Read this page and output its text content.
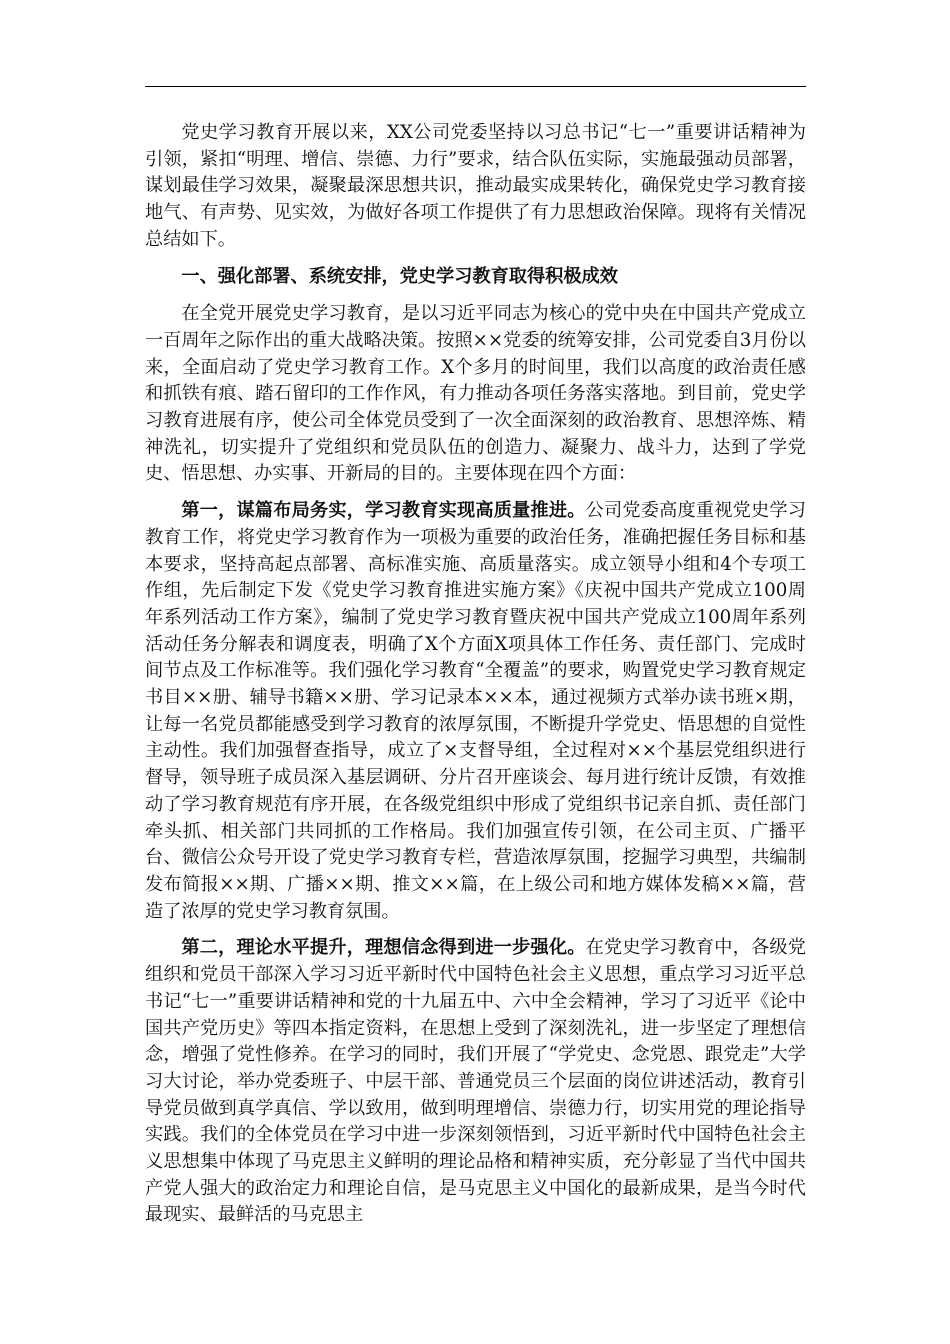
党史学习教育开展以来，XX公司党委坚持以习总书记“七一”重要讲话精神为引领，紧扣“明理、增信、崇德、力行”要求，结合队伍实际，实施最强动员部署，谋划最佳学习效果，凝聚最深思想共识，推动最实成果转化，确保党史学习教育接地气、有声势、见实效，为做好各项工作提供了有力思想政治保障。现将有关情况总结如下。

一、强化部署、系统安排，党史学习教育取得积极成效

在全党开展党史学习教育，是以习近平同志为核心的党中央在中国共产党成立一百周年之际作出的重大战略决策。按照××党委的统筹安排，公司党委自3月份以来，全面启动了党史学习教育工作。X个多月的时间里，我们以高度的政治责任感和抓铁有痕、踏石留印的工作作风，有力推动各项任务落实落地。到目前，党史学习教育进展有序，使公司全体党员受到了一次全面深刻的政治教育、思想淬炼、精神洗礼，切实提升了党组织和党员队伍的创造力、凝聚力、战斗力，达到了学党史、悟思想、办实事、开新局的目的。主要体现在四个方面：

第一，谋篇布局务实，学习教育实现高质量推进。公司党委高度重视党史学习教育工作，将党史学习教育作为一项极为重要的政治任务，准确把握任务目标和基本要求，坚持高起点部署、高标准实施、高质量落实。成立领导小组和4个专项工作组，先后制定下发《党史学习教育推进实施方案》《庆祝中国共产党成立100周年系列活动工作方案》，编制了党史学习教育暨庆祝中国共产党成立100周年系列活动任务分解表和调度表，明确了X个方面X项具体工作任务、责任部门、完成时间节点及工作标准等。我们强化学习教育“全覆盖”的要求，购置党史学习教育规定书目××册、辅导书籍××册、学习记录本××本，通过视频方式举办读书班×期，让每一名党员都能感受到学习教育的浓厚氛围，不断提升学党史、悟思想的自觉性主动性。我们加强督查指导，成立了×支督导组，全过程对××个基层党组织进行督导，领导班子成员深入基层调研、分片召开座谈会、每月进行统计反馈，有效推动了学习教育规范有序开展，在各级党组织中形成了党组织书记亲自抓、责任部门牵头抓、相关部门共同抓的工作格局。我们加强宣传引领，在公司主页、广播平台、微信公众号开设了党史学习教育专栏，营造浓厚氛围，挖掘学习典型，共编制发布简报××期、广播××期、推文××篇，在上级公司和地方媒体发稿××篇，营造了浓厚的党史学习教育氛围。

第二，理论水平提升，理想信念得到进一步强化。在党史学习教育中，各级党组织和党员干部深入学习习近平新时代中国特色社会主义思想，重点学习习近平总书记“七一”重要讲话精神和党的十九届五中、六中全会精神，学习了习近平《论中国共产党历史》等四本指定资料，在思想上受到了深刻洗礼，进一步坚定了理想信念，增强了党性修养。在学习的同时，我们开展了“学党史、念党恩、跟党走”大学习大讨论，举办党委班子、中层干部、普通党员三个层面的岗位讲述活动，教育引导党员做到真学真信、学以致用，做到明理增信、崇德力行，切实用党的理论指导实践。我们的全体党员在学习中进一步深刻领悟到，习近平新时代中国特色社会主义思想集中体现了马克思主义鲜明的理论品格和精神实质，充分彰显了当代中国共产党人强大的政治定力和理论自信，是马克思主义中国化的最新成果，是当今时代最现实、最鲜活的马克思主
